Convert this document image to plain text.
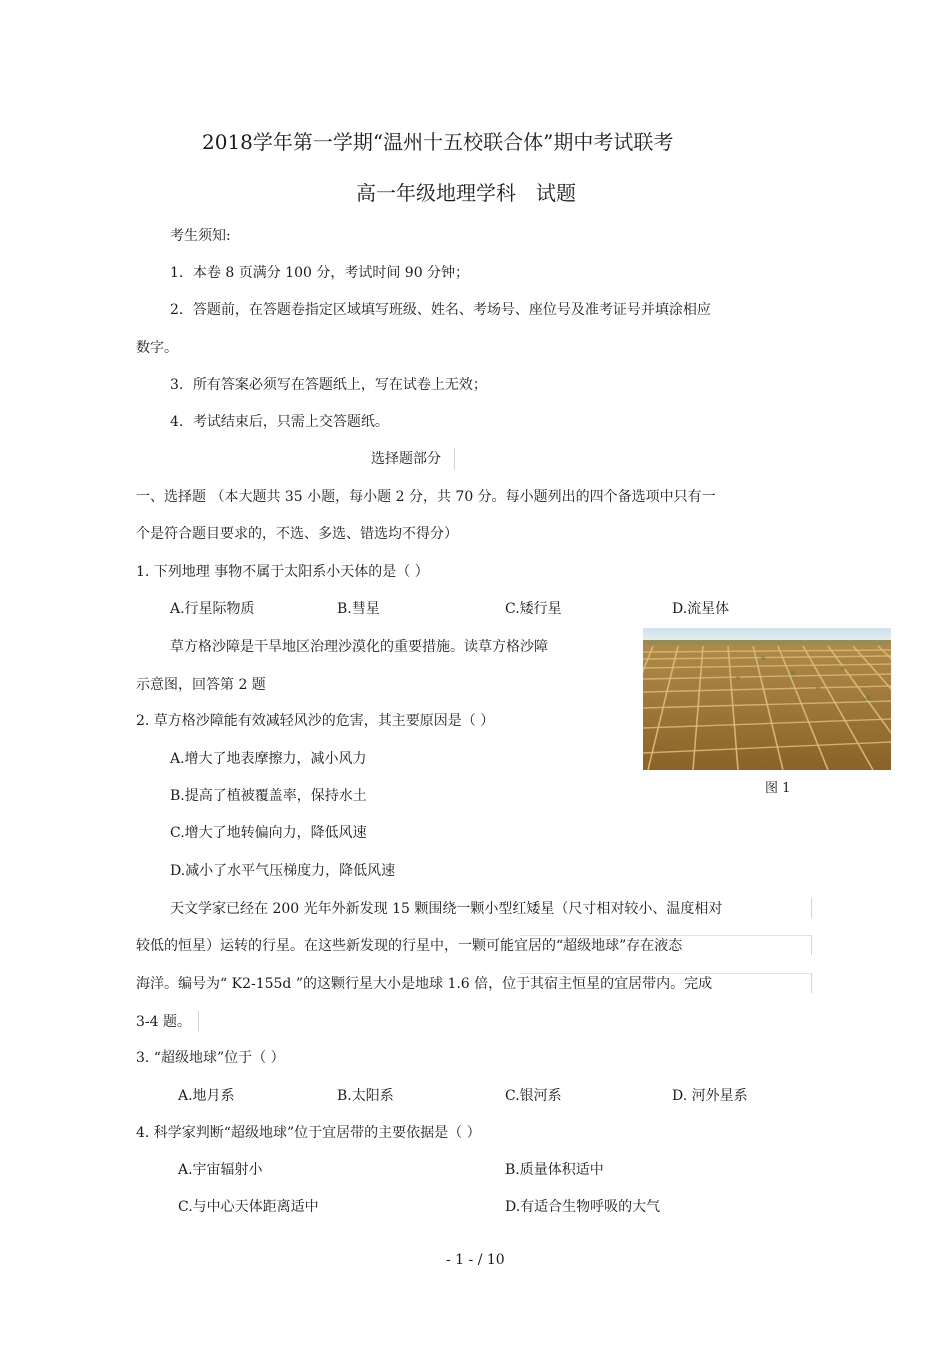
2018学年第一学期“温州十五校联合体”期中考试联考
高一年级地理学科　试题
考生须知:
1．本卷 8 页满分 100 分，考试时间 90 分钟；
2．答题前，在答题卷指定区域填写班级、姓名、考场号、座位号及准考证号并填涂相应
数字。
3．所有答案必须写在答题纸上，写在试卷上无效；
4．考试结束后，只需上交答题纸。
选择题部分
一、选择题 （本大题共 35 小题，每小题 2 分，共 70 分。每小题列出的四个备选项中只有一
个是符合题目要求的，不选、多选、错选均不得分）
1. 下列地理 事物不属于太阳系小天体的是（ ）
A.行星际物质	B.彗星	C.矮行星	D.流星体
草方格沙障是干旱地区治理沙漠化的重要措施。读草方格沙障
示意图，回答第 2 题
图 1
2. 草方格沙障能有效减轻风沙的危害，其主要原因是（ ）
A.增大了地表摩擦力，减小风力
B.提高了植被覆盖率，保持水土
C.增大了地转偏向力，降低风速
D.减小了水平气压梯度力，降低风速
天文学家已经在 200 光年外新发现 15 颗围绕一颗小型红矮星（尺寸相对较小、温度相对
较低的恒星）运转的行星。在这些新发现的行星中，一颗可能宜居的“超级地球”存在液态
海洋。编号为“ K2-155d ”的这颗行星大小是地球 1.6 倍，位于其宿主恒星的宜居带内。完成
3-4 题。
3. “超级地球”位于（ ）
A.地月系	B.太阳系	C.银河系	D. 河外星系
4. 科学家判断“超级地球”位于宜居带的主要依据是（ ）
A.宇宙辐射小	B.质量体积适中
C.与中心天体距离适中	D.有适合生物呼吸的大气
- 1 - / 10
